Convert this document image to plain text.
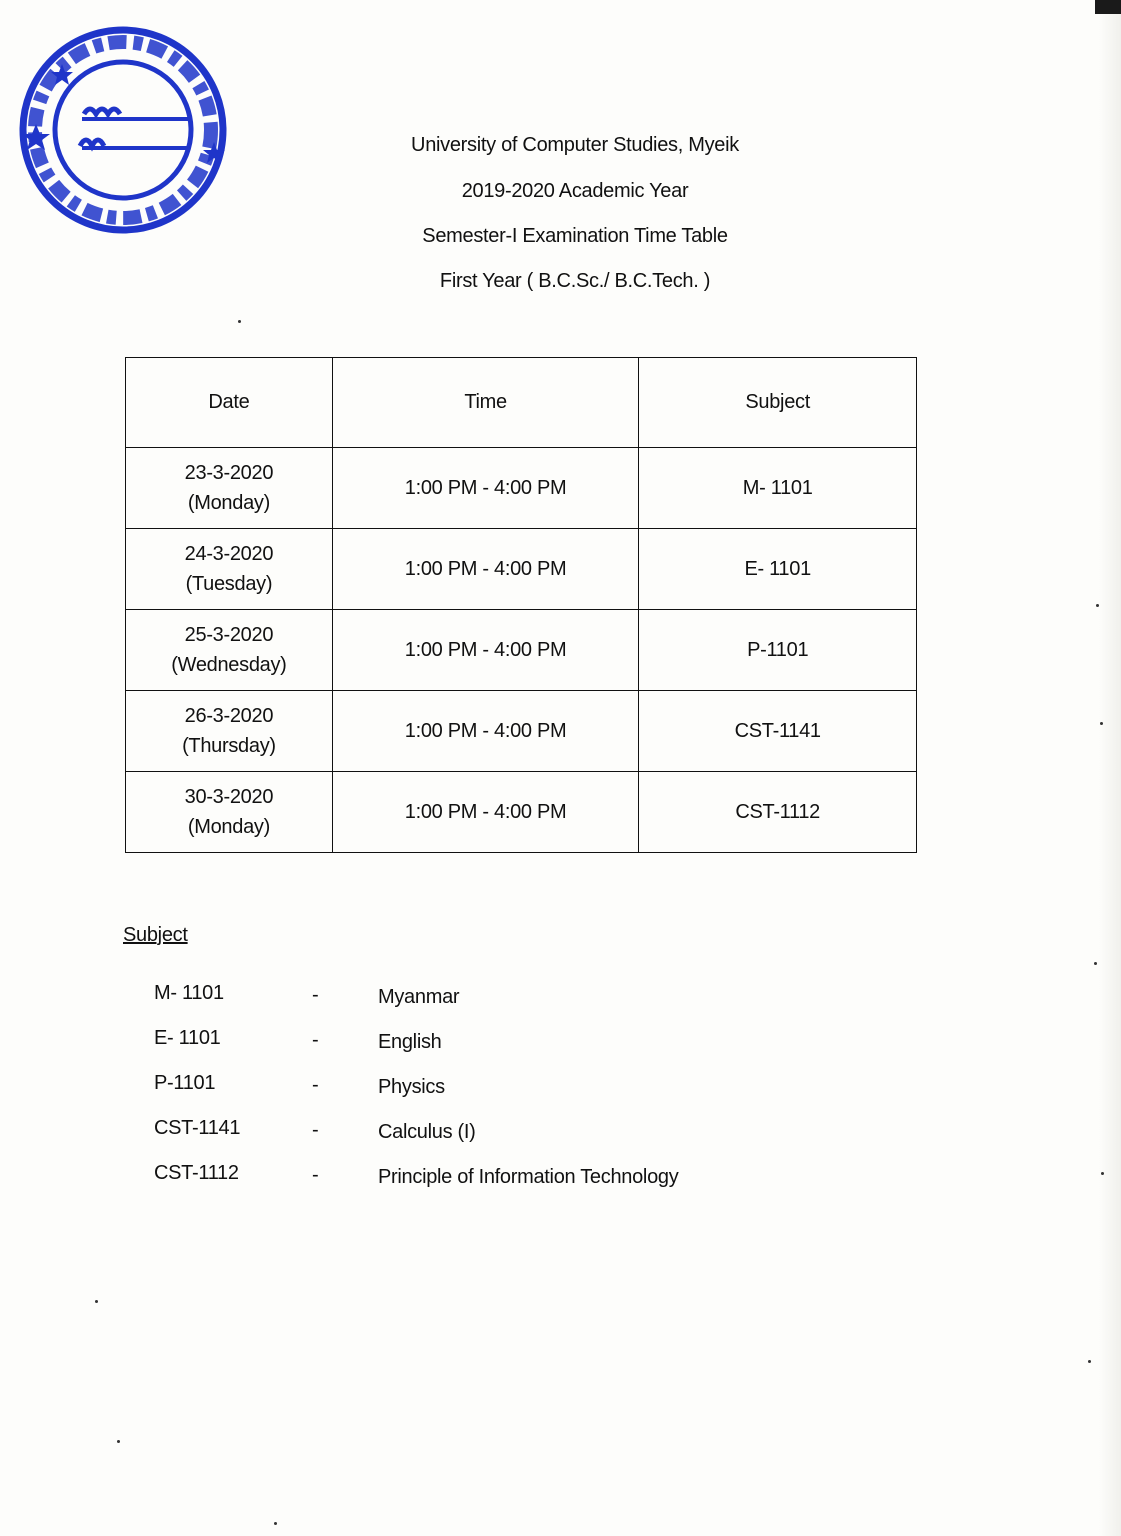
University of Computer Studies, Myeik
2019-2020 Academic Year
Semester-I Examination Time Table
First Year ( B.C.Sc./ B.C.Tech. )
Date	Time	Subject
23-3-2020
(Monday)	1:00 PM - 4:00 PM	M- 1101
24-3-2020
(Tuesday)	1:00 PM - 4:00 PM	E- 1101
25-3-2020
(Wednesday)	1:00 PM - 4:00 PM	P-1101
26-3-2020
(Thursday)	1:00 PM - 4:00 PM	CST-1141
30-3-2020
(Monday)	1:00 PM - 4:00 PM	CST-1112
Subject
M- 1101	-	Myanmar
E- 1101	-	English
P-1101	-	Physics
CST-1141	-	Calculus (I)
CST-1112	-	Principle of Information Technology
